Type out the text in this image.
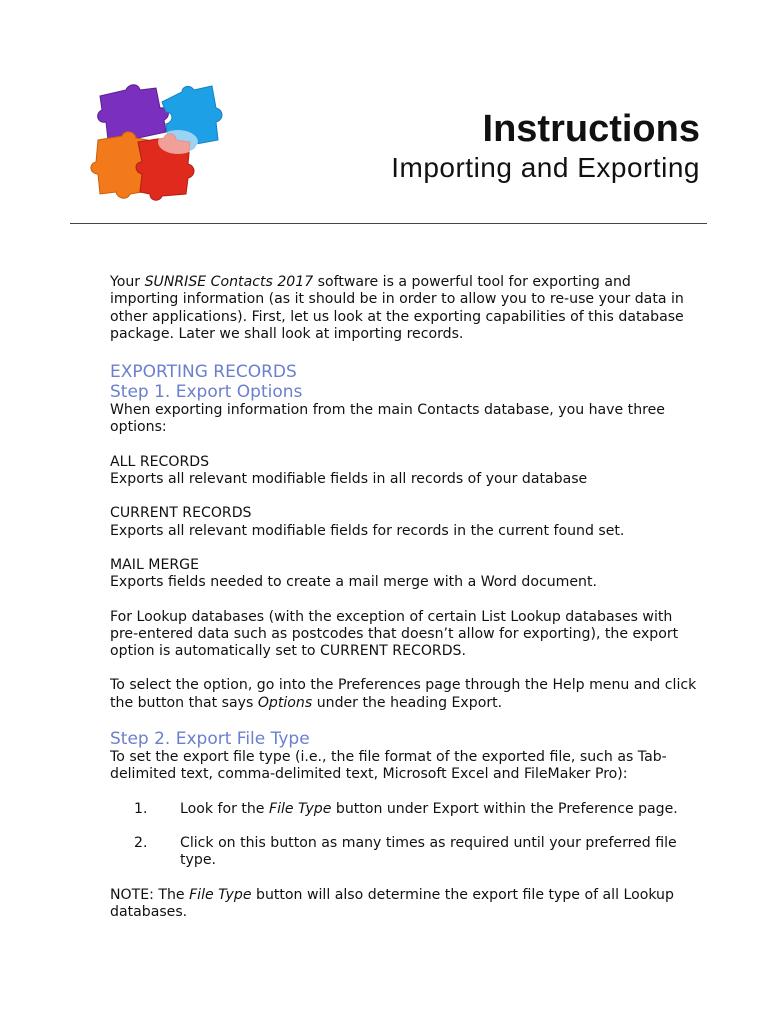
Instructions
Importing and Exporting

Your SUNRISE Contacts 2017 software is a powerful tool for exporting and importing information (as it should be in order to allow you to re-use your data in other applications). First, let us look at the exporting capabilities of this database package. Later we shall look at importing records.

EXPORTING RECORDS
Step 1. Export Options

When exporting information from the main Contacts database, you have three options:

ALL RECORDS

Exports all relevant modifiable fields in all records of your database

CURRENT RECORDS

Exports all relevant modifiable fields for records in the current found set.

MAIL MERGE

Exports fields needed to create a mail merge with a Word document.

For Lookup databases (with the exception of certain List Lookup databases with pre-entered data such as postcodes that doesn’t allow for exporting), the export option is automatically set to CURRENT RECORDS.

To select the option, go into the Preferences page through the Help menu and click the button that says Options under the heading Export.

Step 2. Export File Type

To set the export file type (i.e., the file format of the exported file, such as Tab-delimited text, comma-delimited text, Microsoft Excel and FileMaker Pro):

1.	Look for the File Type button under Export within the Preference page.
2.	Click on this button as many times as required until your preferred file type.

NOTE: The File Type button will also determine the export file type of all Lookup databases.
